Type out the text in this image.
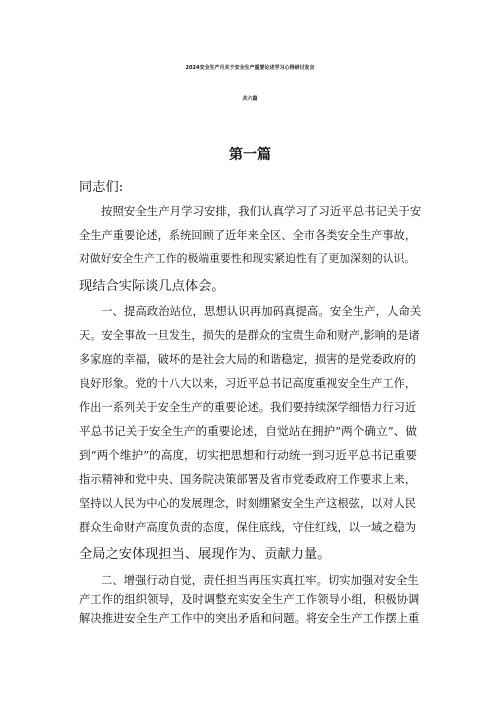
2024安全生产月关于安全生产重要论述学习心得研讨发言
共六篇
第一篇
同志们:
按照安全生产月学习安排，我们认真学习了习近平总书记关于安
全生产重要论述，系统回顾了近年来全区、全市各类安全生产事故，
对做好安全生产工作的极端重要性和现实紧迫性有了更加深刻的认识。
现结合实际谈几点体会。
一、提高政治站位，思想认识再加码真提高。安全生产，人命关
天。安全事故一旦发生，损失的是群众的宝贵生命和财产,影响的是诸
多家庭的幸福，破坏的是社会大局的和谐稳定，损害的是党委政府的
良好形象。党的十八大以来，习近平总书记高度重视安全生产工作，
作出一系列关于安全生产的重要论述。我们要持续深学细悟力行习近
平总书记关于安全生产的重要论述，自觉站在拥护“两个确立”、做
到“两个维护”的高度，切实把思想和行动统一到习近平总书记重要
指示精神和党中央、国务院决策部署及省市党委政府工作要求上来，
坚持以人民为中心的发展理念，时刻绷紧安全生产这根弦，以对人民
群众生命财产高度负责的态度，保住底线，守住红线，以一域之稳为
全局之安体现担当、展现作为、贡献力量。
二、增强行动自觉，责任担当再压实真扛牢。切实加强对安全生
产工作的组织领导，及时调整充实安全生产工作领导小组，积极协调
解决推进安全生产工作中的突出矛盾和问题。将安全生产工作摆上重
